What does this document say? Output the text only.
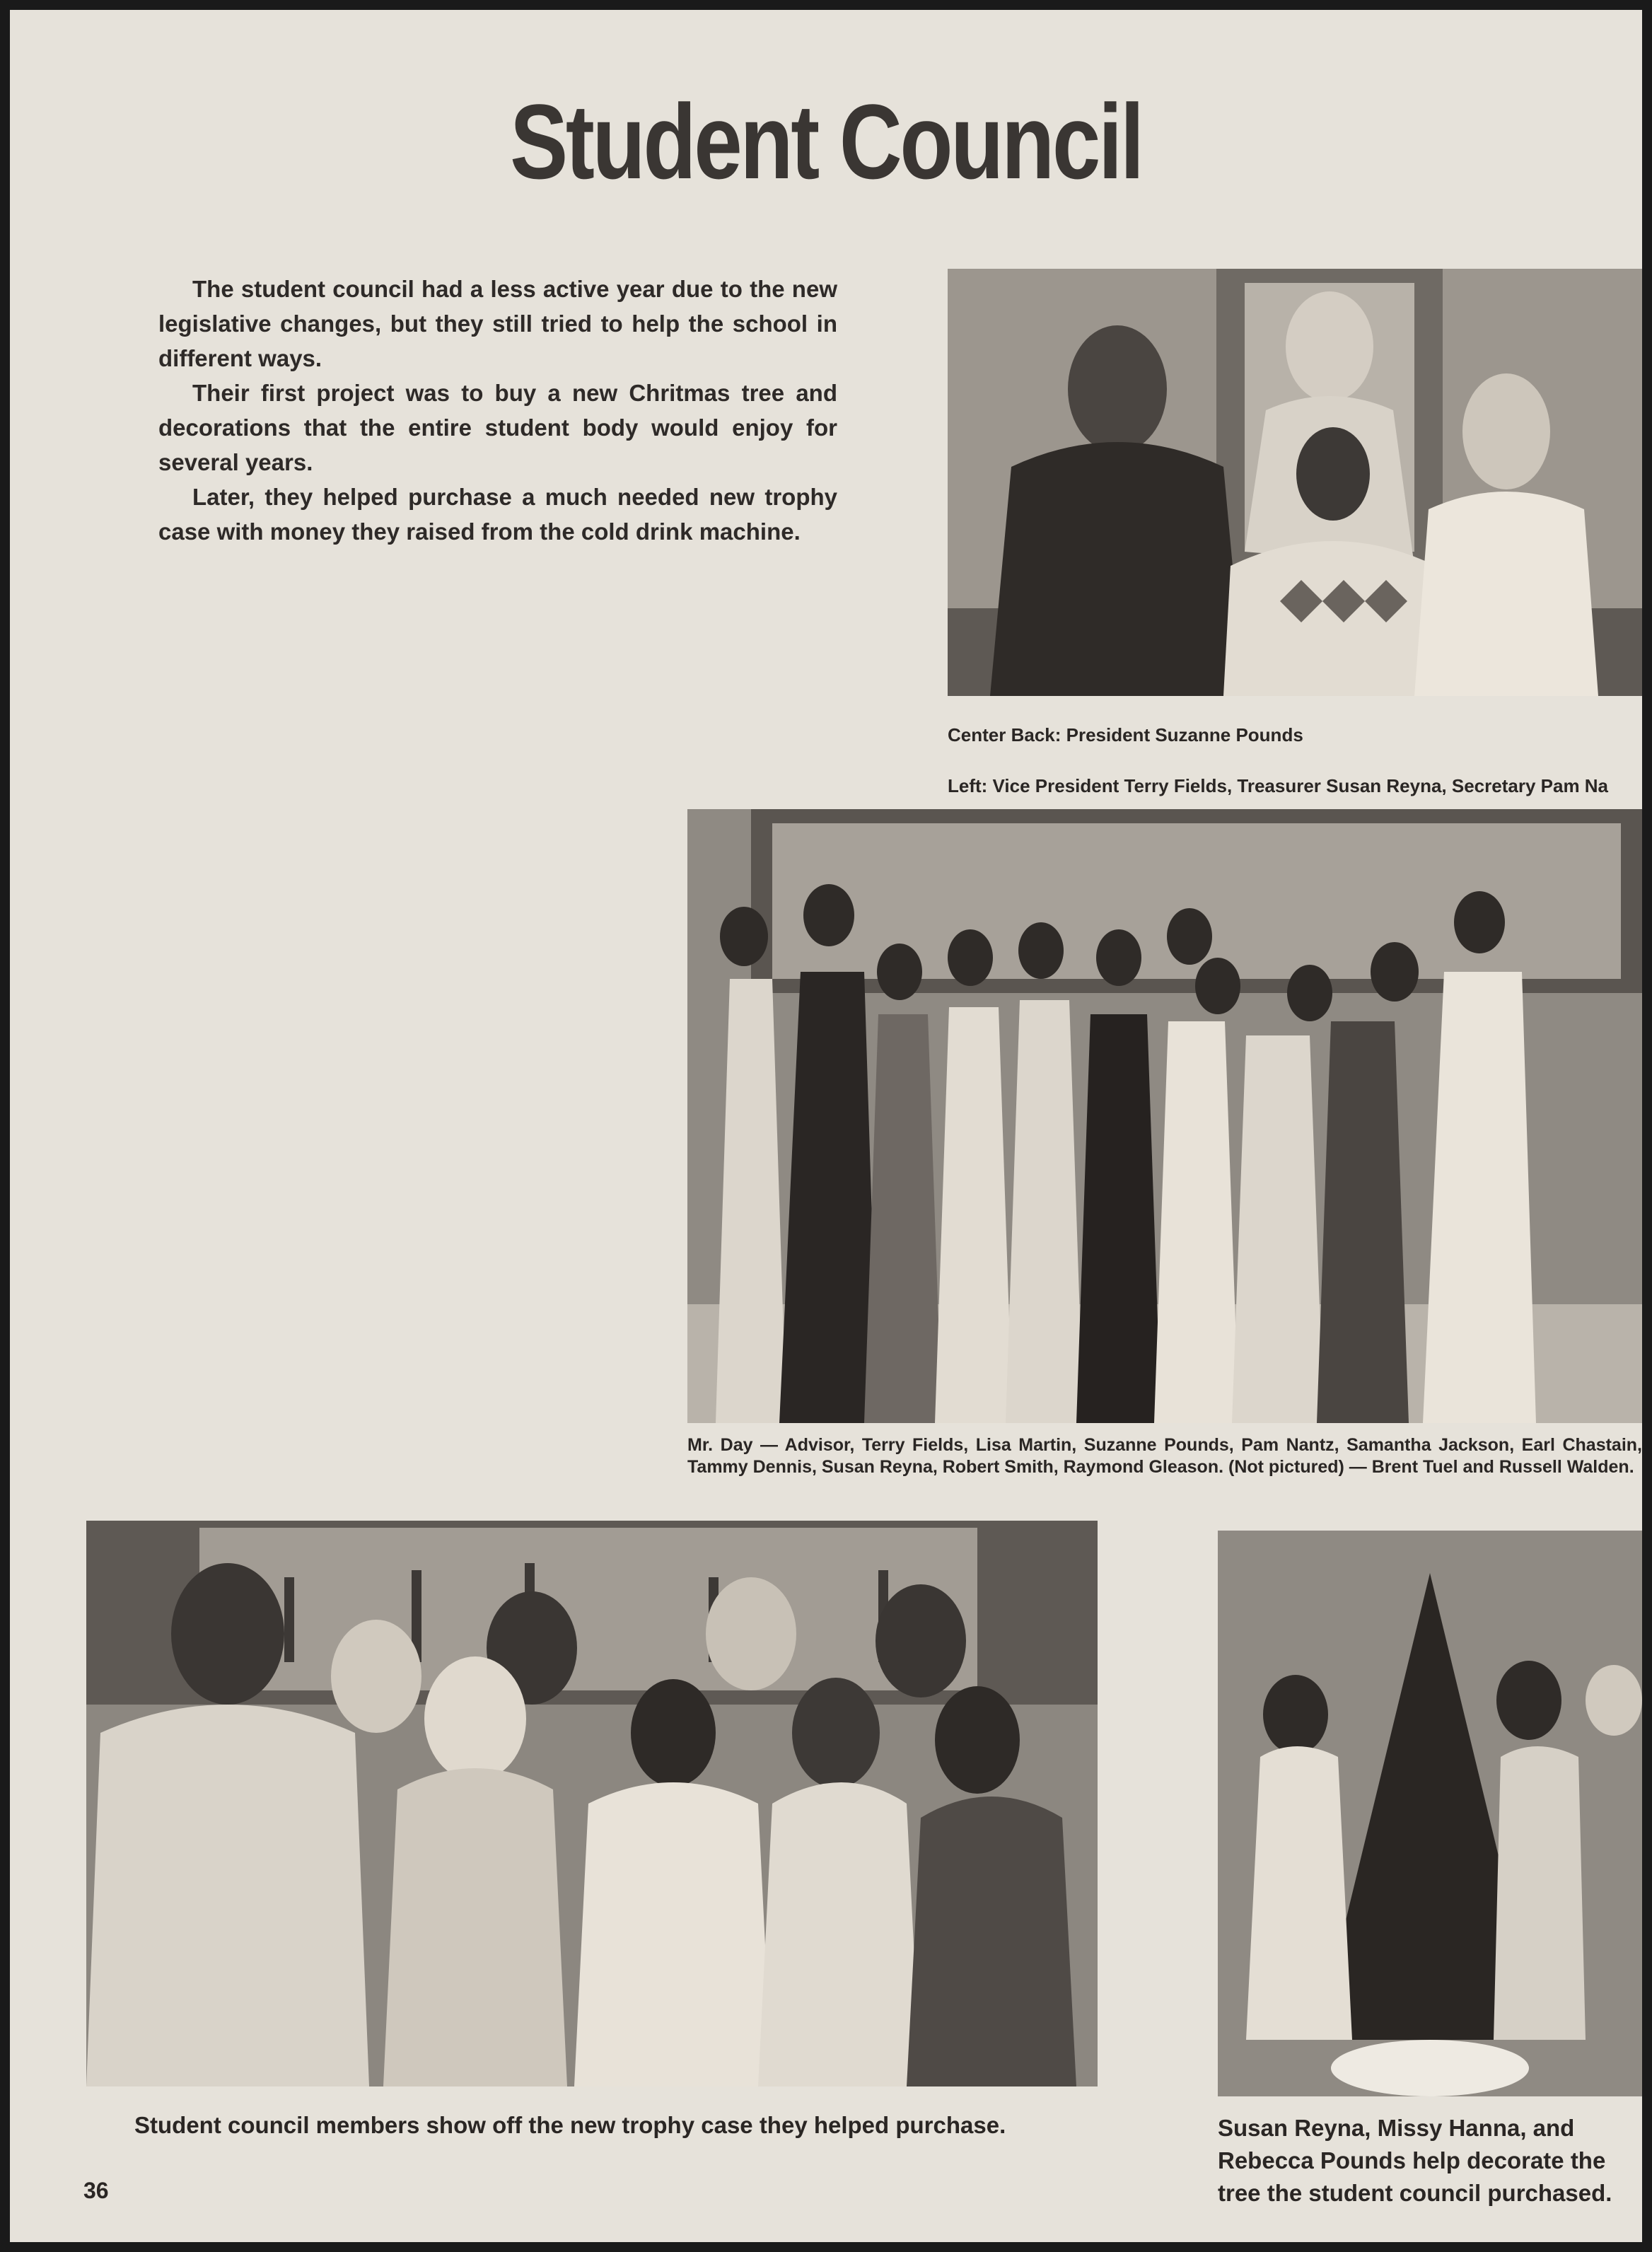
Student Council

The student council had a less active year due to the new legislative changes, but they still tried to help the school in different ways.

Their first project was to buy a new Chritmas tree and decorations that the entire student body would enjoy for several years.

Later, they helped purchase a much needed new trophy case with money they raised from the cold drink machine.

Center Back: President Suzanne Pounds
Left: Vice President Terry Fields, Treasurer Susan Reyna, Secretary Pam Na
Mr. Day — Advisor, Terry Fields, Lisa Martin, Suzanne Pounds, Pam Nantz, Samantha Jackson, Earl Chastain, Tammy Dennis, Susan Reyna, Robert Smith, Raymond Gleason. (Not pictured) — Brent Tuel and Russell Walden.
Student council members show off the new trophy case they helped purchase.	Susan Reyna, Missy Hanna, and Rebecca Pounds help decorate the tree the student council purchased.
36
